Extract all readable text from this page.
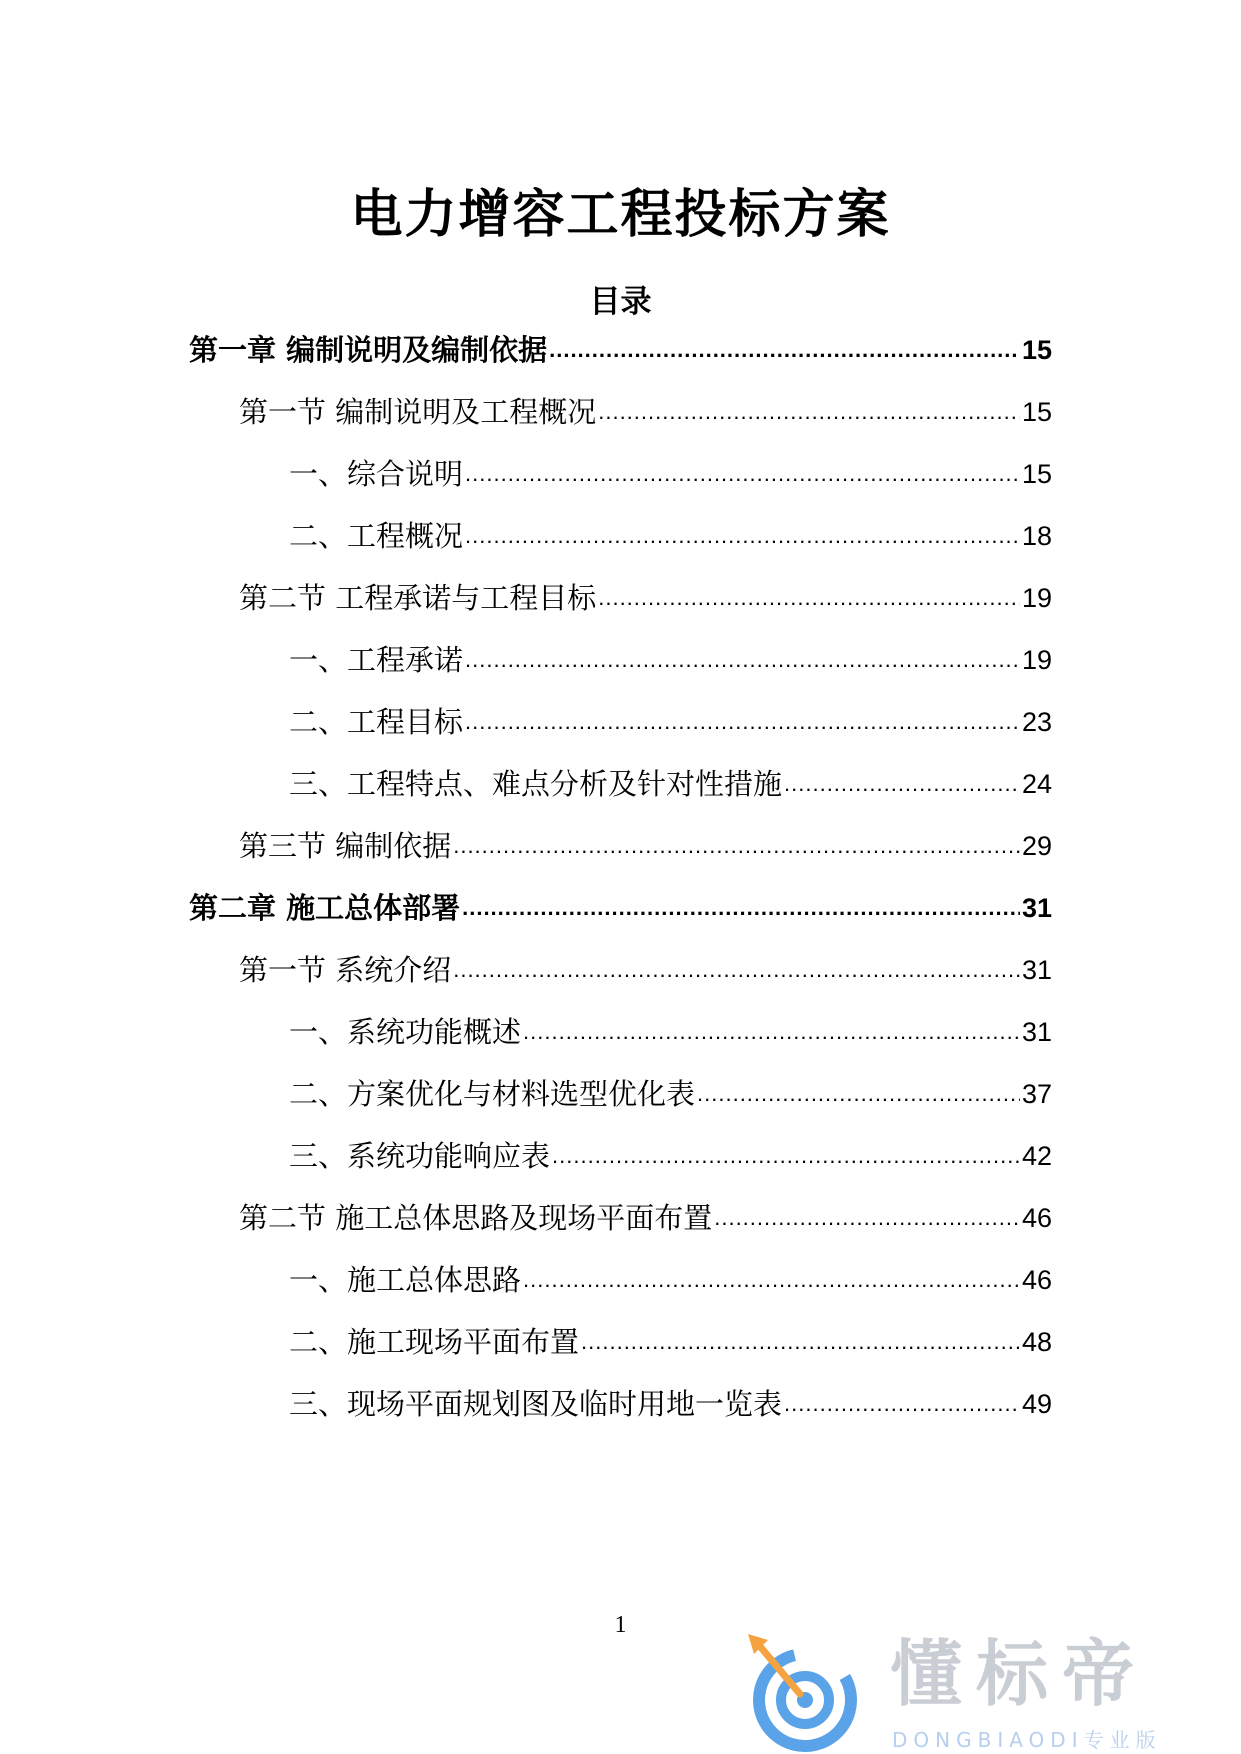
电力增容工程投标方案
目录
第一章 编制说明及编制依据 .....	15
第一节 编制说明及工程概况 .....	15
一、综合说明 .....	15
二、工程概况 .....	18
第二节 工程承诺与工程目标 .....	19
一、工程承诺 .....	19
二、工程目标 .....	23
三、工程特点、难点分析及针对性措施 .....	24
第三节 编制依据 .....	29
第二章 施工总体部署 .....	31
第一节 系统介绍 .....	31
一、系统功能概述 .....	31
二、方案优化与材料选型优化表 .....	37
三、系统功能响应表 .....	42
第二节 施工总体思路及现场平面布置 .....	46
一、施工总体思路 .....	46
二、施工现场平面布置 .....	48
三、现场平面规划图及临时用地一览表 .....	49
1
懂标帝
DONGBIAODI专业版
